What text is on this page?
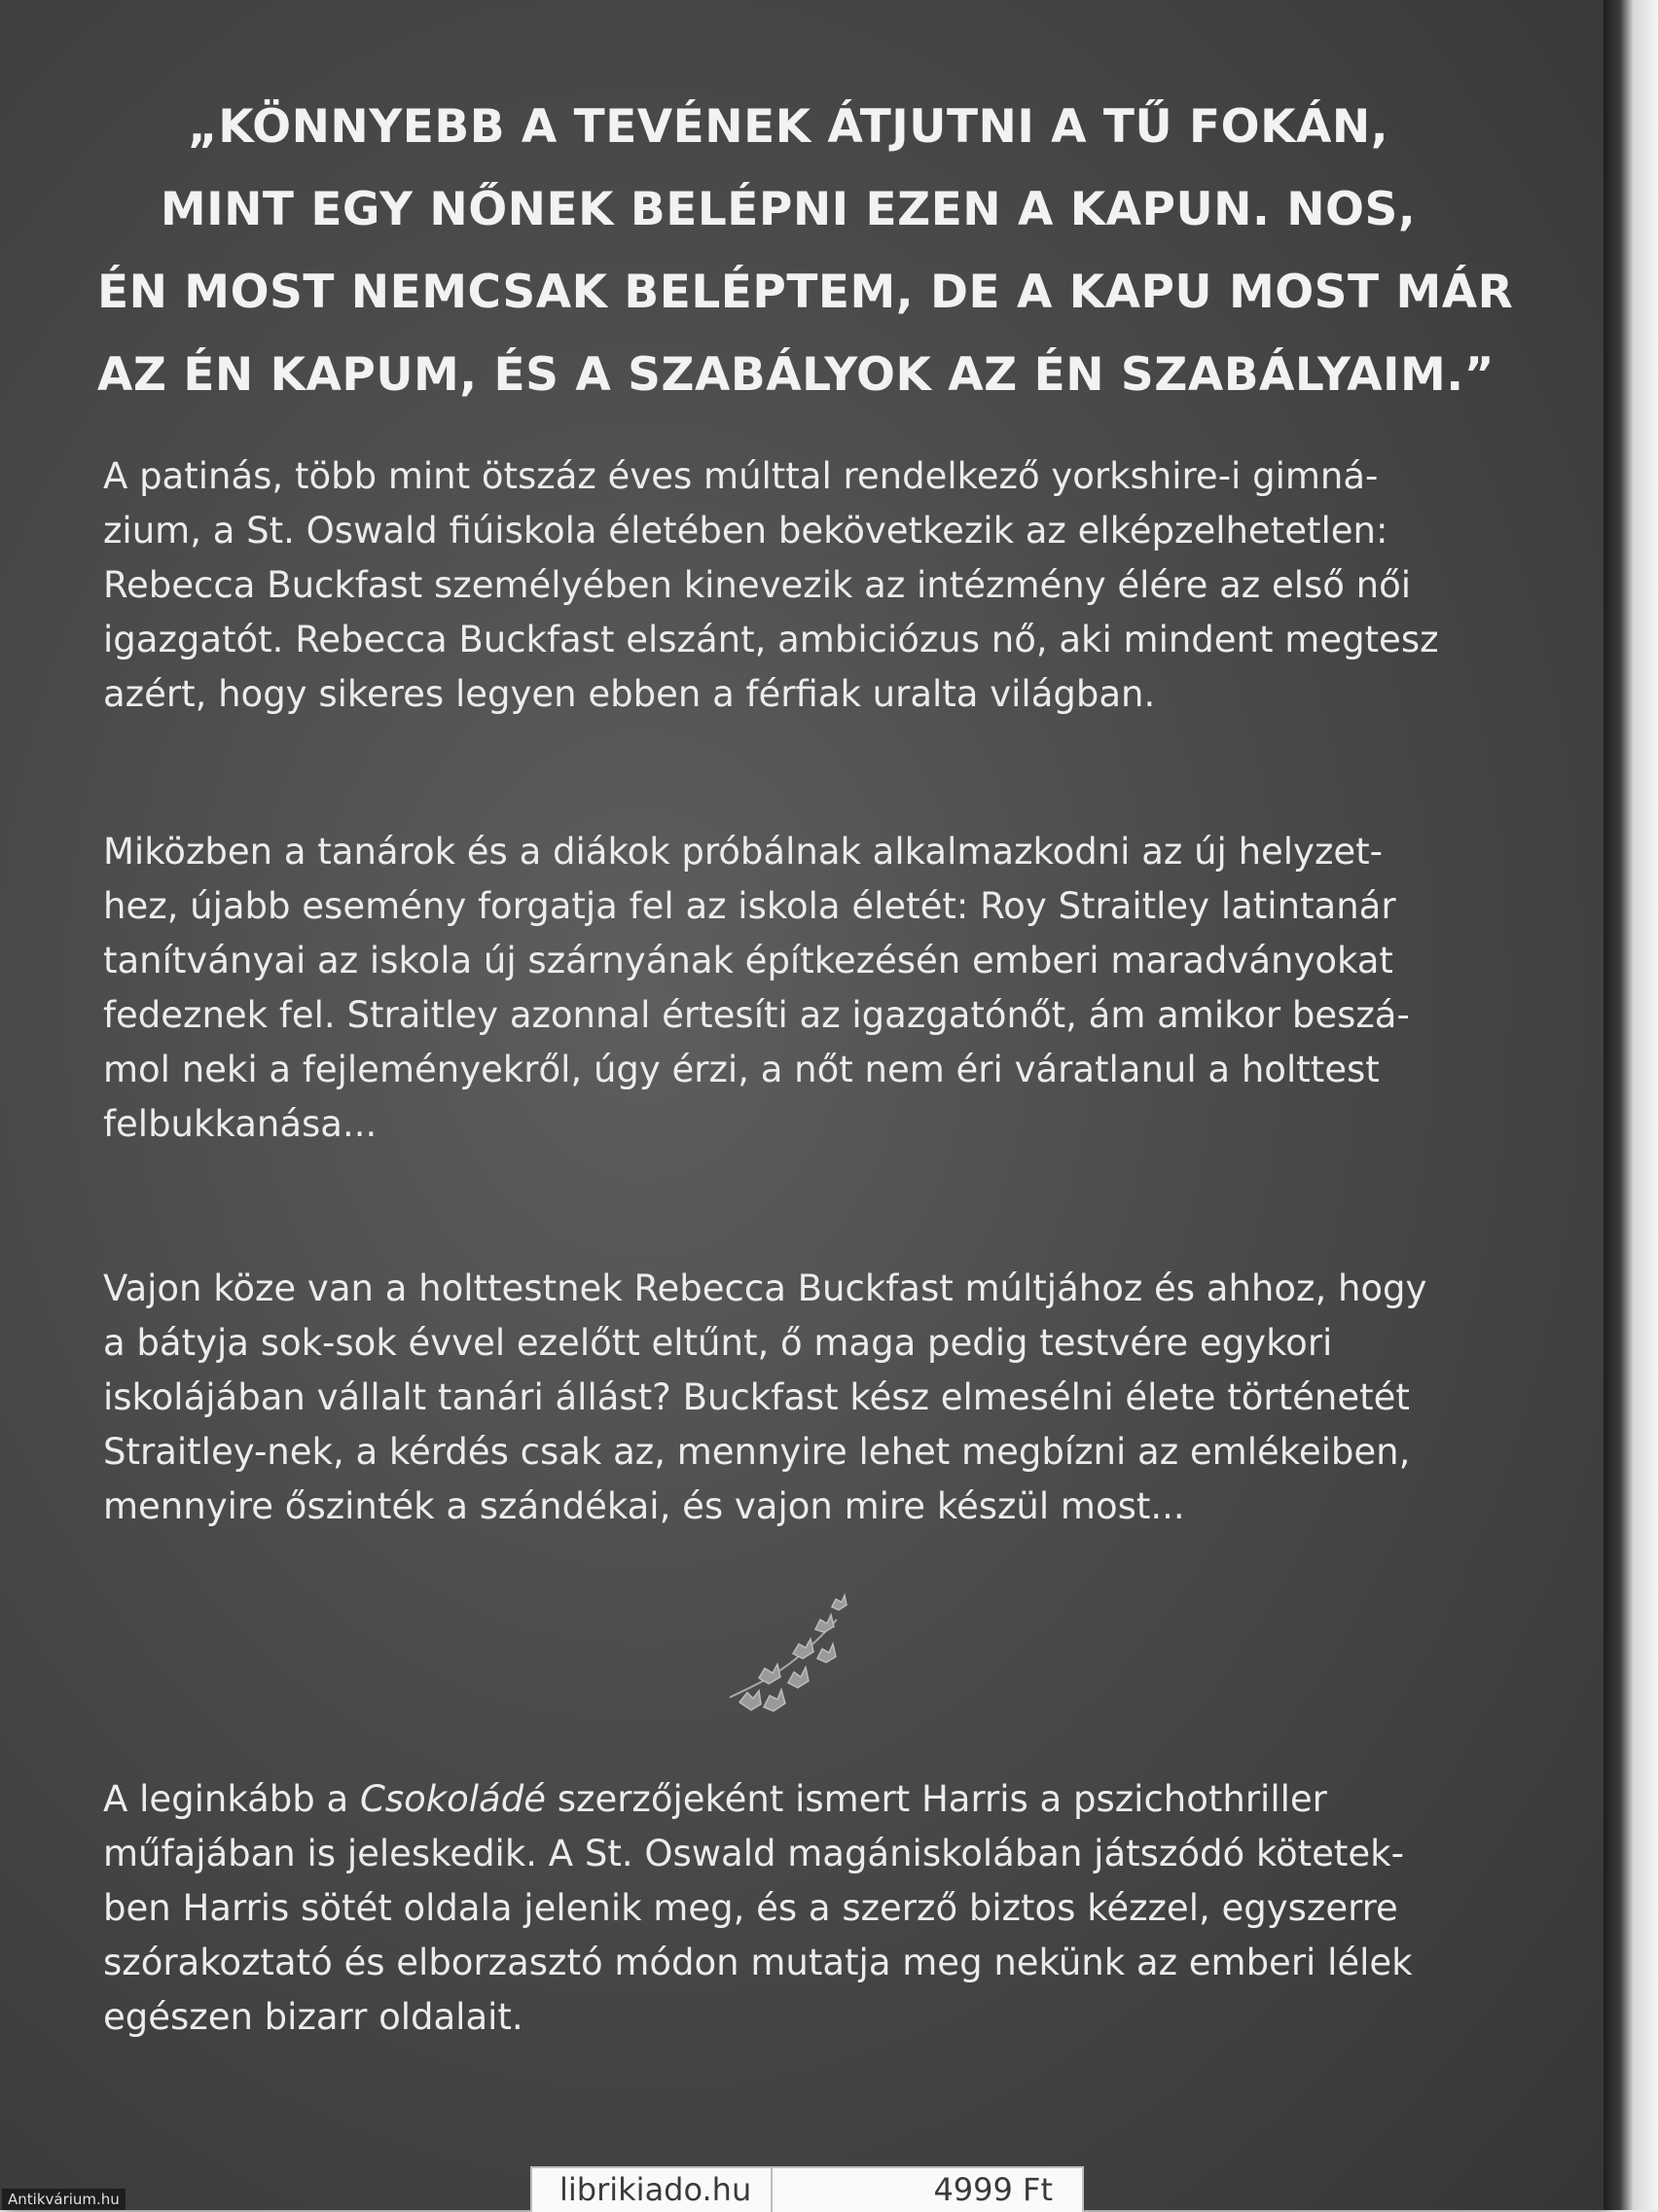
„KÖNNYEBB A TEVÉNEK ÁTJUTNI A TŰ FOKÁN,
MINT EGY NŐNEK BELÉPNI EZEN A KAPUN. NOS,
ÉN MOST NEMCSAK BELÉPTEM, DE A KAPU MOST MÁR
AZ ÉN KAPUM, ÉS A SZABÁLYOK AZ ÉN SZABÁLYAIM.”
A patinás, több mint ötszáz éves múlttal rendelkező yorkshire-i gimná-
zium, a St. Oswald fiúiskola életében bekövetkezik az elképzelhetetlen:
Rebecca Buckfast személyében kinevezik az intézmény élére az első női
igazgatót. Rebecca Buckfast elszánt, ambiciózus nő, aki mindent megtesz
azért, hogy sikeres legyen ebben a férfiak uralta világban.
Miközben a tanárok és a diákok próbálnak alkalmazkodni az új helyzet-
hez, újabb esemény forgatja fel az iskola életét: Roy Straitley latintanár
tanítványai az iskola új szárnyának építkezésén emberi maradványokat
fedeznek fel. Straitley azonnal értesíti az igazgatónőt, ám amikor beszá-
mol neki a fejleményekről, úgy érzi, a nőt nem éri váratlanul a holttest
felbukkanása...
Vajon köze van a holttestnek Rebecca Buckfast múltjához és ahhoz, hogy
a bátyja sok-sok évvel ezelőtt eltűnt, ő maga pedig testvére egykori
iskolájában vállalt tanári állást? Buckfast kész elmesélni élete történetét
Straitley-nek, a kérdés csak az, mennyire lehet megbízni az emlékeiben,
mennyire őszinték a szándékai, és vajon mire készül most...
A leginkább a Csokoládé szerzőjeként ismert Harris a pszichothriller
műfajában is jeleskedik. A St. Oswald magániskolában játszódó kötetek-
ben Harris sötét oldala jelenik meg, és a szerző biztos kézzel, egyszerre
szórakoztató és elborzasztó módon mutatja meg nekünk az emberi lélek
egészen bizarr oldalait.
librikiado.hu	4999 Ft
Antikvárium.hu
